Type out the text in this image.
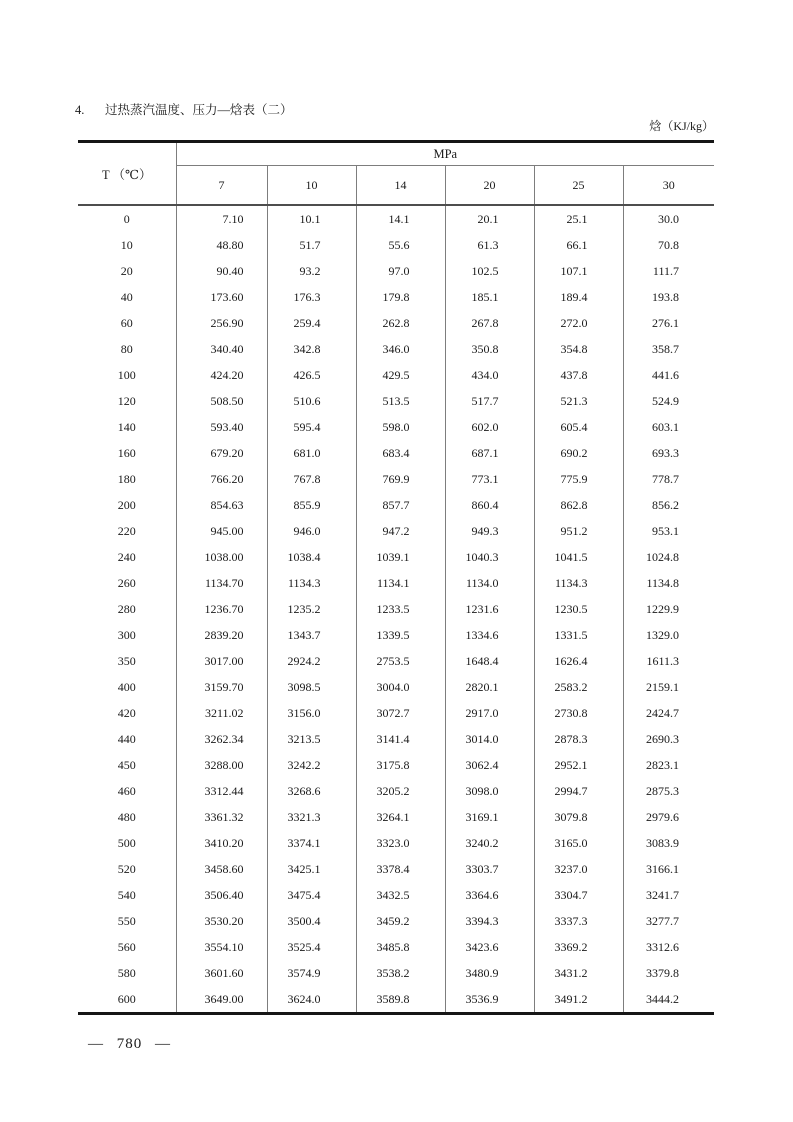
4.	过热蒸汽温度、压力—焓表（二）
焓（KJ/kg）
T （℃）	MPa					
	7	10	14	20	25	30
0	7.10	10.1	14.1	20.1	25.1	30.0
10	48.80	51.7	55.6	61.3	66.1	70.8
20	90.40	93.2	97.0	102.5	107.1	111.7
40	173.60	176.3	179.8	185.1	189.4	193.8
60	256.90	259.4	262.8	267.8	272.0	276.1
80	340.40	342.8	346.0	350.8	354.8	358.7
100	424.20	426.5	429.5	434.0	437.8	441.6
120	508.50	510.6	513.5	517.7	521.3	524.9
140	593.40	595.4	598.0	602.0	605.4	603.1
160	679.20	681.0	683.4	687.1	690.2	693.3
180	766.20	767.8	769.9	773.1	775.9	778.7
200	854.63	855.9	857.7	860.4	862.8	856.2
220	945.00	946.0	947.2	949.3	951.2	953.1
240	1038.00	1038.4	1039.1	1040.3	1041.5	1024.8
260	1134.70	1134.3	1134.1	1134.0	1134.3	1134.8
280	1236.70	1235.2	1233.5	1231.6	1230.5	1229.9
300	2839.20	1343.7	1339.5	1334.6	1331.5	1329.0
350	3017.00	2924.2	2753.5	1648.4	1626.4	1611.3
400	3159.70	3098.5	3004.0	2820.1	2583.2	2159.1
420	3211.02	3156.0	3072.7	2917.0	2730.8	2424.7
440	3262.34	3213.5	3141.4	3014.0	2878.3	2690.3
450	3288.00	3242.2	3175.8	3062.4	2952.1	2823.1
460	3312.44	3268.6	3205.2	3098.0	2994.7	2875.3
480	3361.32	3321.3	3264.1	3169.1	3079.8	2979.6
500	3410.20	3374.1	3323.0	3240.2	3165.0	3083.9
520	3458.60	3425.1	3378.4	3303.7	3237.0	3166.1
540	3506.40	3475.4	3432.5	3364.6	3304.7	3241.7
550	3530.20	3500.4	3459.2	3394.3	3337.3	3277.7
560	3554.10	3525.4	3485.8	3423.6	3369.2	3312.6
580	3601.60	3574.9	3538.2	3480.9	3431.2	3379.8
600	3649.00	3624.0	3589.8	3536.9	3491.2	3444.2
— 780 —
